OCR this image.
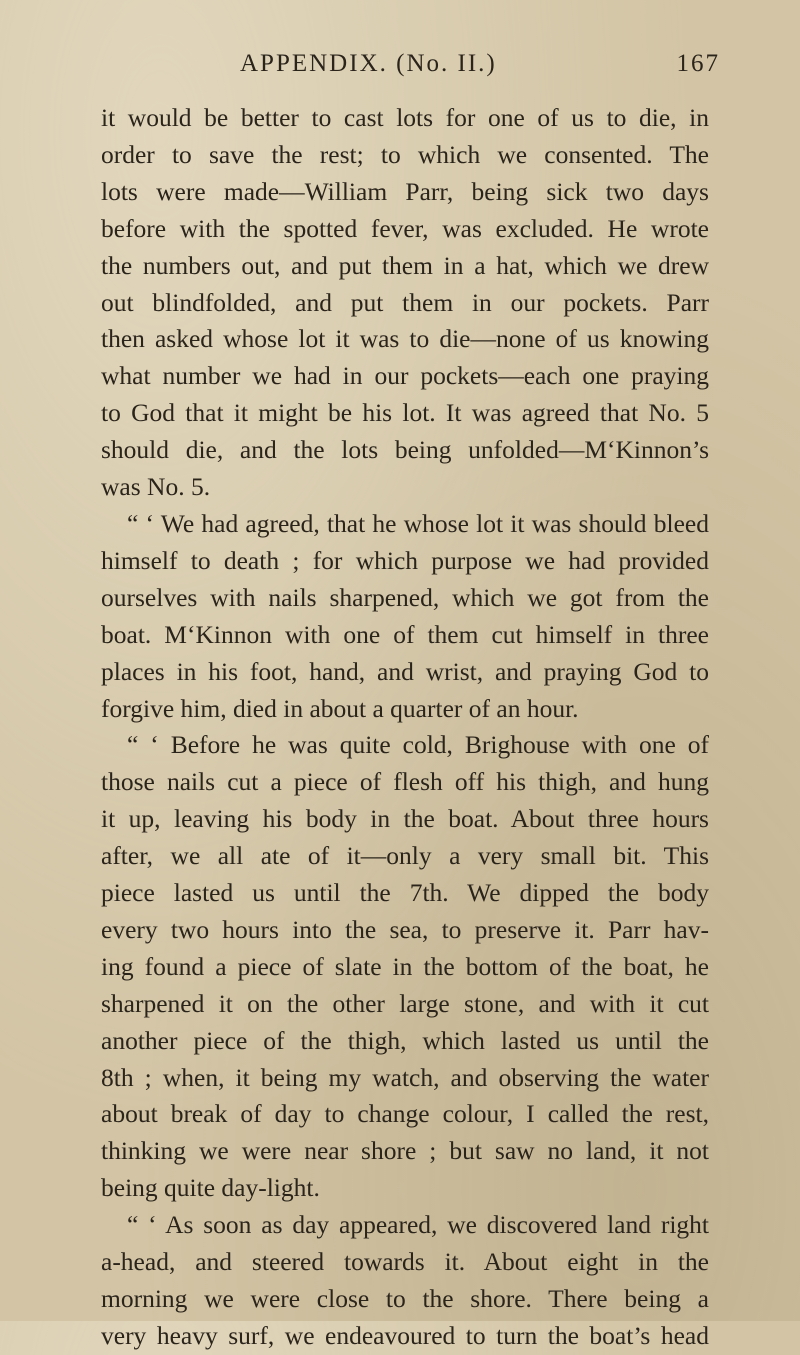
APPENDIX. (No. II.)	167
it would be better to cast lots for one of us to die, in
order to save the rest; to which we consented. The
lots were made—William Parr, being sick two days
before with the spotted fever, was excluded. He wrote
the numbers out, and put them in a hat, which we drew
out blindfolded, and put them in our pockets. Parr
then asked whose lot it was to die—none of us knowing
what number we had in our pockets—each one praying
to God that it might be his lot. It was agreed that No. 5
should die, and the lots being unfolded—M‘Kinnon’s
was No. 5.
“ ‘ We had agreed, that he whose lot it was should bleed
himself to death ; for which purpose we had provided
ourselves with nails sharpened, which we got from the
boat. M‘Kinnon with one of them cut himself in three
places in his foot, hand, and wrist, and praying God to
forgive him, died in about a quarter of an hour.
“ ‘ Before he was quite cold, Brighouse with one of
those nails cut a piece of flesh off his thigh, and hung
it up, leaving his body in the boat. About three hours
after, we all ate of it—only a very small bit. This
piece lasted us until the 7th. We dipped the body
every two hours into the sea, to preserve it. Parr hav-
ing found a piece of slate in the bottom of the boat, he
sharpened it on the other large stone, and with it cut
another piece of the thigh, which lasted us until the
8th ; when, it being my watch, and observing the water
about break of day to change colour, I called the rest,
thinking we were near shore ; but saw no land, it not
being quite day-light.
“ ‘ As soon as day appeared, we discovered land right
a-head, and steered towards it. About eight in the
morning we were close to the shore. There being a
very heavy surf, we endeavoured to turn the boat’s head
